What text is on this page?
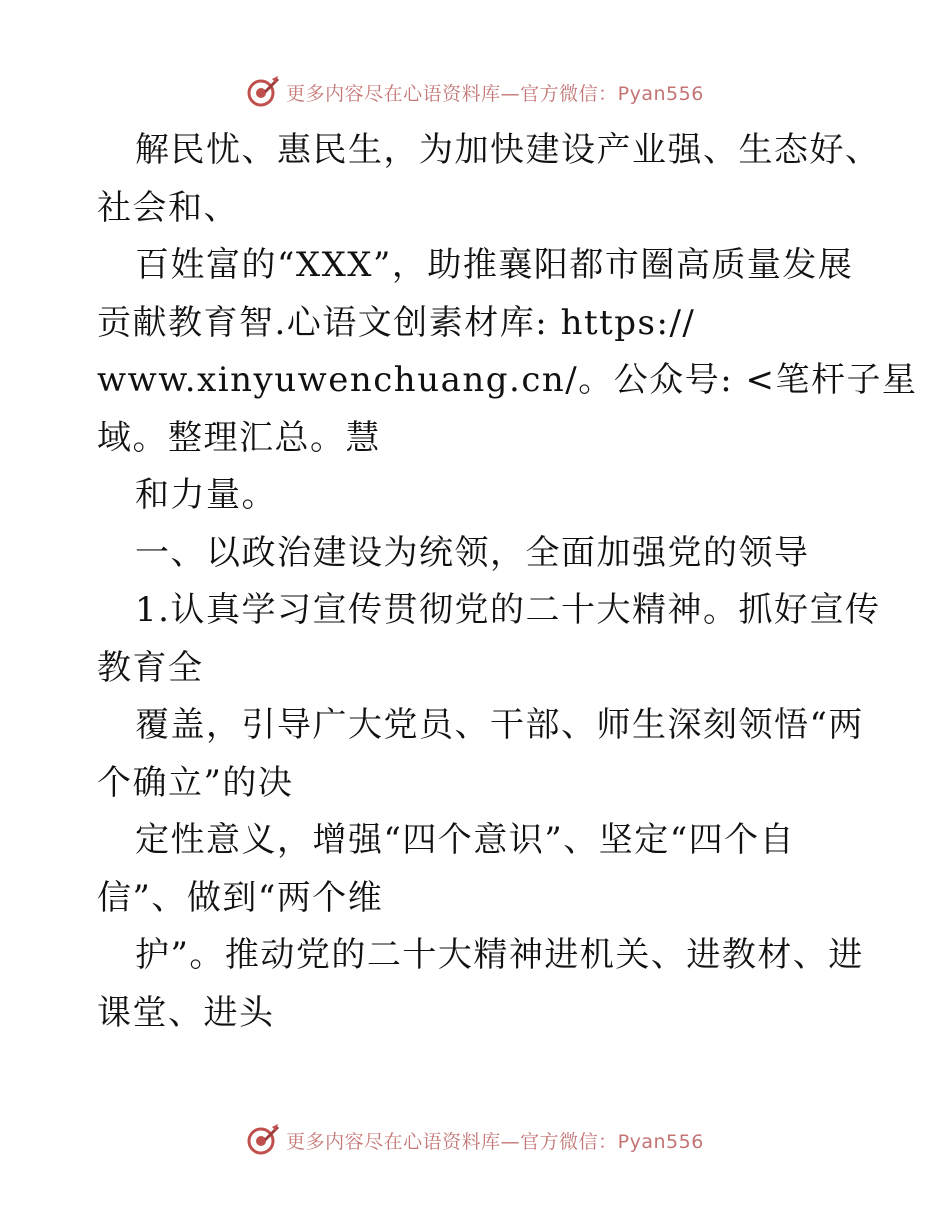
更多内容尽在心语资料库—官方微信：Pyan556
解民忧、惠民生，为加快建设产业强、生态好、
社会和、
百姓富的“XXX”，助推襄阳都市圈高质量发展
贡献教育智.心语文创素材库: https://
www.xinyuwenchuang.cn/。公众号: <笔杆子星
域。整理汇总。慧
和力量。
一、以政治建设为统领，全面加强党的领导
1.认真学习宣传贯彻党的二十大精神。抓好宣传
教育全
覆盖，引导广大党员、干部、师生深刻领悟“两
个确立”的决
定性意义，增强“四个意识”、坚定“四个自
信”、做到“两个维
护”。推动党的二十大精神进机关、进教材、进
课堂、进头
更多内容尽在心语资料库—官方微信：Pyan556
